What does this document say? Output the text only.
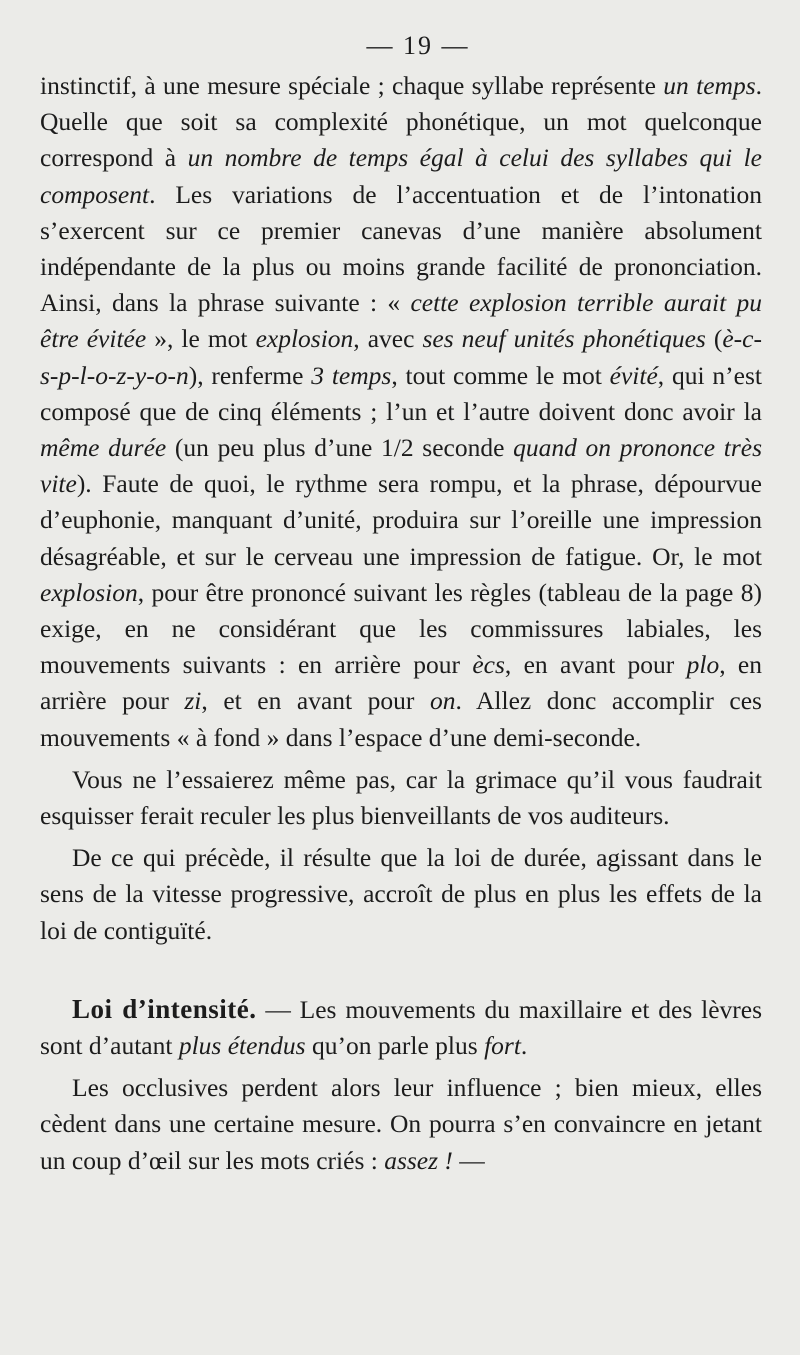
— 19 —

instinctif, à une mesure spéciale ; chaque syllabe représente un temps. Quelle que soit sa complexité phonétique, un mot quelconque correspond à un nombre de temps égal à celui des syllabes qui le composent. Les variations de l’accentuation et de l’intonation s’exercent sur ce premier canevas d’une manière absolument indépendante de la plus ou moins grande facilité de prononciation. Ainsi, dans la phrase suivante : « cette explosion terrible aurait pu être évitée », le mot explosion, avec ses neuf unités phonétiques (è-c-s-p-l-o-z-y-o-n), renferme 3 temps, tout comme le mot évité, qui n’est composé que de cinq éléments ; l’un et l’autre doivent donc avoir la même durée (un peu plus d’une 1/2 seconde quand on prononce très vite). Faute de quoi, le rythme sera rompu, et la phrase, dépourvue d’euphonie, manquant d’unité, produira sur l’oreille une impression désagréable, et sur le cerveau une impression de fatigue. Or, le mot explosion, pour être prononcé suivant les règles (tableau de la page 8) exige, en ne considérant que les commissures labiales, les mouvements suivants : en arrière pour ècs, en avant pour plo, en arrière pour zi, et en avant pour on. Allez donc accomplir ces mouvements « à fond » dans l’espace d’une demi-seconde.

Vous ne l’essaierez même pas, car la grimace qu’il vous faudrait esquisser ferait reculer les plus bienveillants de vos auditeurs.

De ce qui précède, il résulte que la loi de durée, agissant dans le sens de la vitesse progressive, accroît de plus en plus les effets de la loi de contiguïté.

Loi d’intensité. — Les mouvements du maxillaire et des lèvres sont d’autant plus étendus qu’on parle plus fort.

Les occlusives perdent alors leur influence ; bien mieux, elles cèdent dans une certaine mesure. On pourra s’en convaincre en jetant un coup d’œil sur les mots criés : assez ! —
